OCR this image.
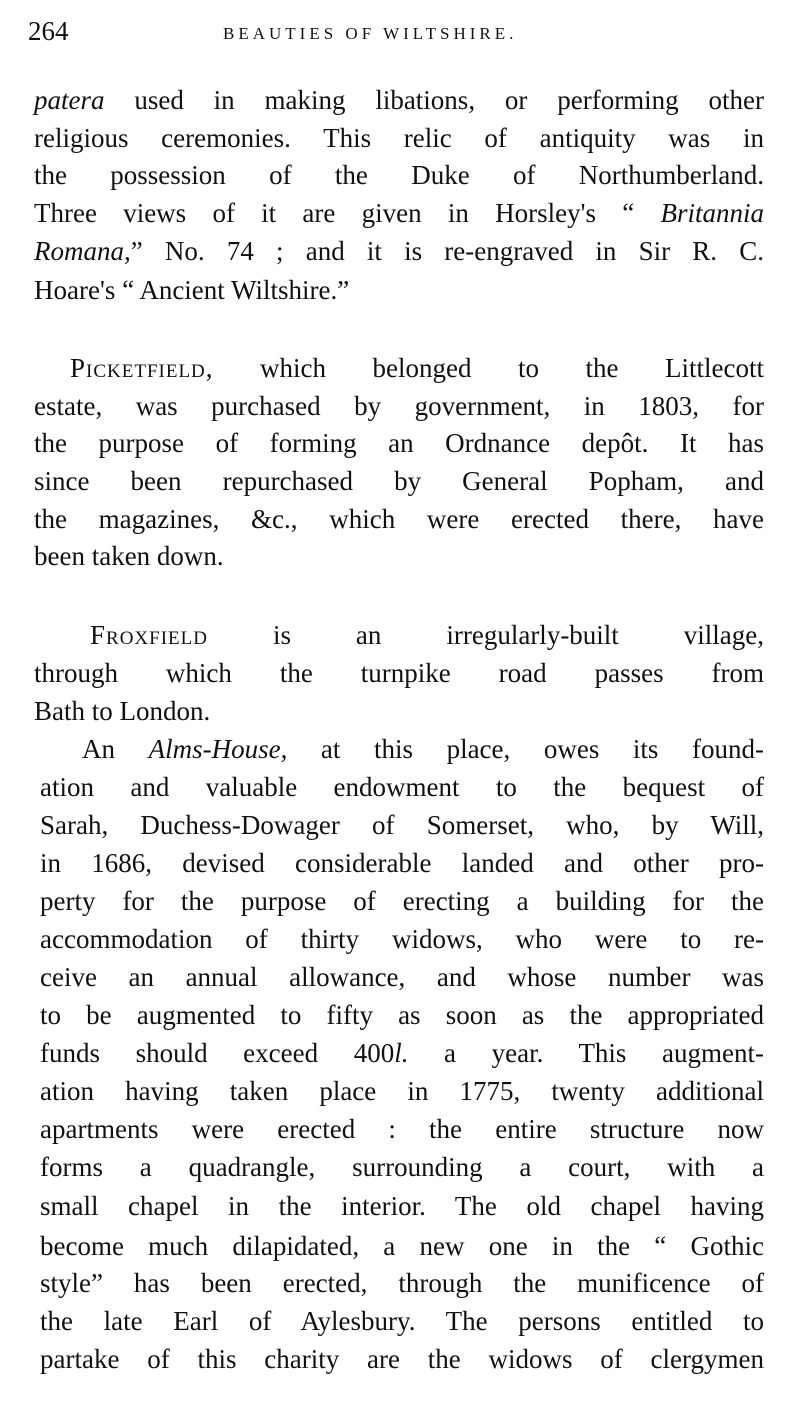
264	BEAUTIES OF WILTSHIRE.
patera used in making libations, or performing other
religious ceremonies. This relic of antiquity was in
the possession of the Duke of Northumberland.
Three views of it are given in Horsley's “ Britannia
Romana,” No. 74 ; and it is re-engraved in Sir R. C.
Hoare's “ Ancient Wiltshire.”
Picketfield, which belonged to the Littlecott
estate, was purchased by government, in 1803, for
the purpose of forming an Ordnance depôt. It has
since been repurchased by General Popham, and
the magazines, &c., which were erected there, have
been taken down.
Froxfield is an irregularly-built village,
through which the turnpike road passes from
Bath to London.
An Alms-House, at this place, owes its found-
ation and valuable endowment to the bequest of
Sarah, Duchess-Dowager of Somerset, who, by Will,
in 1686, devised considerable landed and other pro-
perty for the purpose of erecting a building for the
accommodation of thirty widows, who were to re-
ceive an annual allowance, and whose number was
to be augmented to fifty as soon as the appropriated
funds should exceed 400l. a year. This augment-
ation having taken place in 1775, twenty additional
apartments were erected : the entire structure now
forms a quadrangle, surrounding a court, with a
small chapel in the interior. The old chapel having
become much dilapidated, a new one in the “ Gothic
style” has been erected, through the munificence of
the late Earl of Aylesbury. The persons entitled to
partake of this charity are the widows of clergymen
